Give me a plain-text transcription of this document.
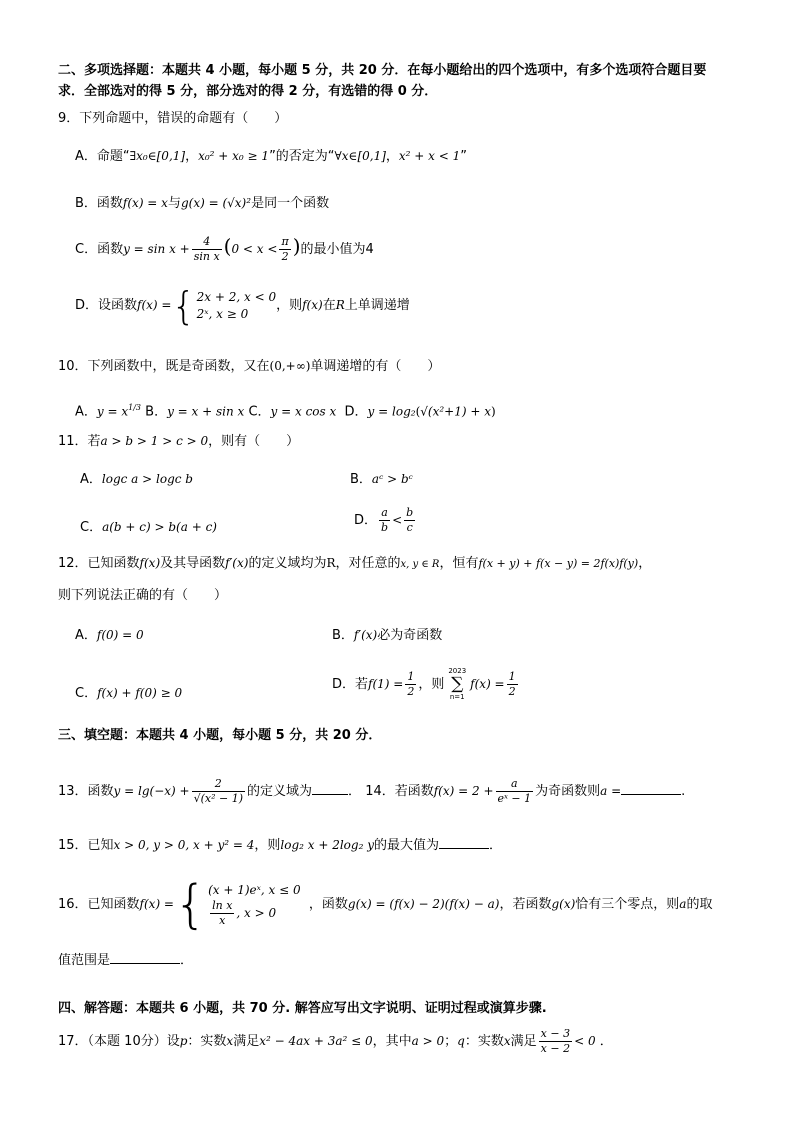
二、多项选择题：本题共 4 小题，每小题 5 分，共 20 分．在每小题给出的四个选项中，有多个选项符合题目要
求．全部选对的得 5 分，部分选对的得 2 分，有选错的得 0 分．
9．下列命题中，错误的命题有（　　）
A．命题“∃x₀∈[0,1]，x₀² + x₀ ≥ 1”的否定为“∀x∈[0,1]，x² + x < 1”
B．函数f(x) = x与g(x) = (√x)²是同一个函数
C．函数$y = \sin x + \frac{4}{\text{sin x}} (0 < x < \frac{\pi}{2}$ )的最小值为4
D．设函数f(x) ={ 2x + 2, x < 0
2ˣ, x ≥ 0
，则f(x)在R上单调递增
10．下列函数中，既是奇函数，又在(0,+∞)单调递增的有（　　）
A．$y = x^{1/3}$ B．y = x + sin x C．y = x cos x D．y = log₂(√(x²+1) + x)
11．若a > b > 1 > c > 0，则有（　　）
A．logc a > logc b	B．aᶜ > bᶜ
C．a(b + c) > b(a + c)	D． $\frac{a}{b} < \frac{b}{c}$
12．已知函数f(x)及其导函数f′(x)的定义域均为R，对任意的x, y ∈ R，恒有f(x + y) + f(x − y) = 2f(x)f(y)，
则下列说法正确的有（　　）
A．f(0) = 0	B．f′(x)必为奇函数
C．f(x) + f(0) ≥ 0
D．若$f(1) = \frac{1}{2}$ ，则
2023
∑
n=1
$f(x) = \frac{1}{2}$
三、填空题：本题共 4 小题，每小题 5 分，共 20 分．
13．函数$y = \lg(-x) + \frac{2}{\text{√(x² − 1)}}$ 的定义域为	． 14．若函数$f(x) = 2 + \frac{a}{\text{eˣ − 1}}$ 为奇函数则a =	.
15．已知x > 0, y > 0, x + y² = 4，则log₂ x + 2log₂ y的最大值为	．
16．已知函数f(x) ={ (x + 1)eˣ, x ≤ 0
$\frac{\text{ln x}}{x}$ , x > 0
，函数g(x) = (f(x) − 2)(f(x) − a)，若函数g(x)恰有三个零点，则a的取
值范围是	．
四、解答题：本题共 6 小题，共 70 分. 解答应写出文字说明、证明过程或演算步骤.
17．（本题 10分）设p：实数x满足x² − 4ax + 3a² ≤ 0，其中a > 0；q：实数x满足 $\frac{x - 3}{x - 2} < 0$ ．
